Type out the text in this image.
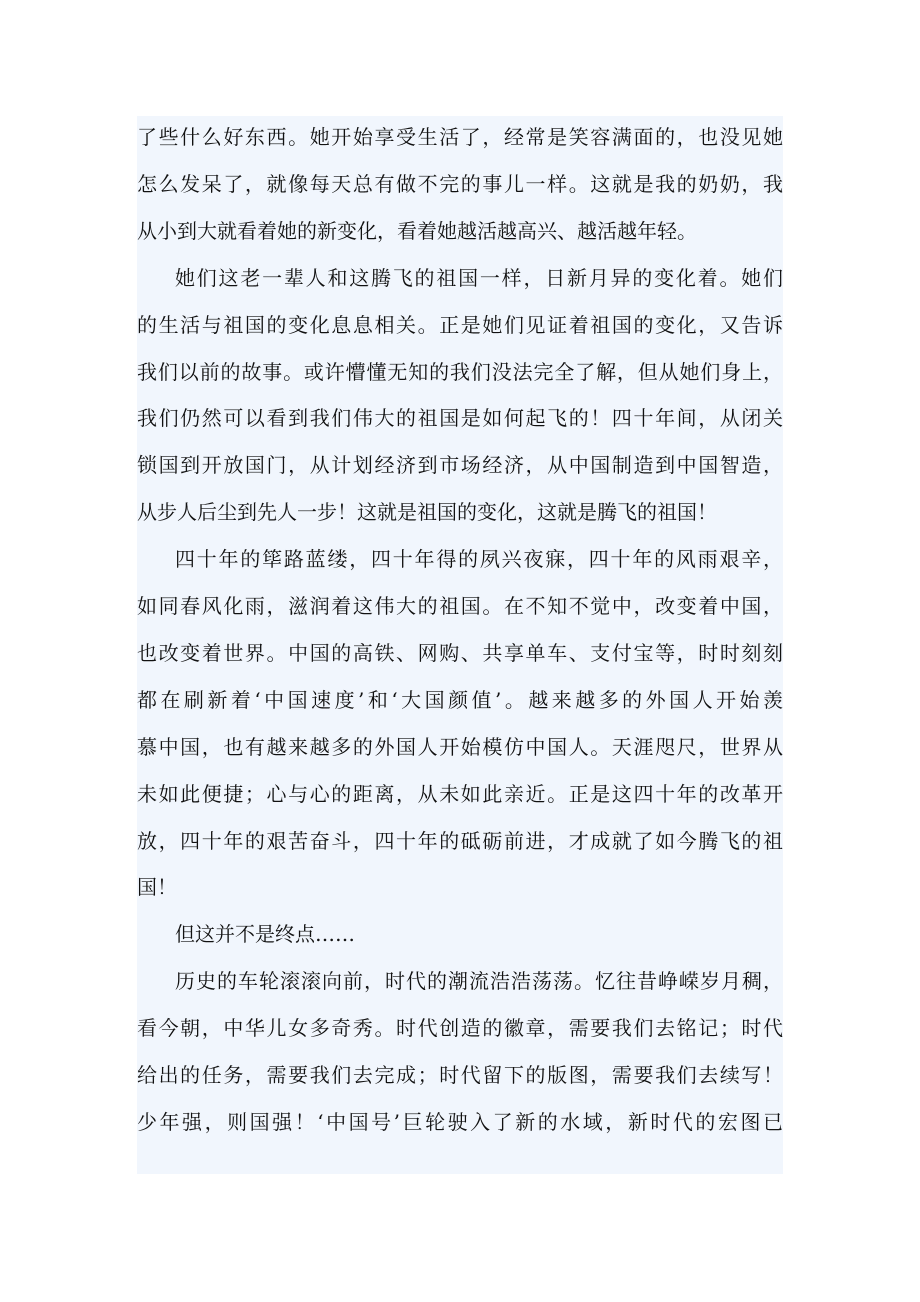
了些什么好东西。她开始享受生活了，经常是笑容满面的，也没见她
怎么发呆了，就像每天总有做不完的事儿一样。这就是我的奶奶，我
从小到大就看着她的新变化，看着她越活越高兴、越活越年轻。
她们这老一辈人和这腾飞的祖国一样，日新月异的变化着。她们
的生活与祖国的变化息息相关。正是她们见证着祖国的变化，又告诉
我们以前的故事。或许懵懂无知的我们没法完全了解，但从她们身上，
我们仍然可以看到我们伟大的祖国是如何起飞的！四十年间，从闭关
锁国到开放国门，从计划经济到市场经济，从中国制造到中国智造，
从步人后尘到先人一步！这就是祖国的变化，这就是腾飞的祖国！
四十年的筚路蓝缕，四十年得的夙兴夜寐，四十年的风雨艰辛，
如同春风化雨，滋润着这伟大的祖国。在不知不觉中，改变着中国，
也改变着世界。中国的高铁、网购、共享单车、支付宝等，时时刻刻
都在刷新着‘中国速度’和‘大国颜值’。越来越多的外国人开始羡
慕中国，也有越来越多的外国人开始模仿中国人。天涯咫尺，世界从
未如此便捷；心与心的距离，从未如此亲近。正是这四十年的改革开
放，四十年的艰苦奋斗，四十年的砥砺前进，才成就了如今腾飞的祖
国！
但这并不是终点……
历史的车轮滚滚向前，时代的潮流浩浩荡荡。忆往昔峥嵘岁月稠，
看今朝，中华儿女多奇秀。时代创造的徽章，需要我们去铭记；时代
给出的任务，需要我们去完成；时代留下的版图，需要我们去续写！
少年强，则国强！‘中国号’巨轮驶入了新的水域，新时代的宏图已
